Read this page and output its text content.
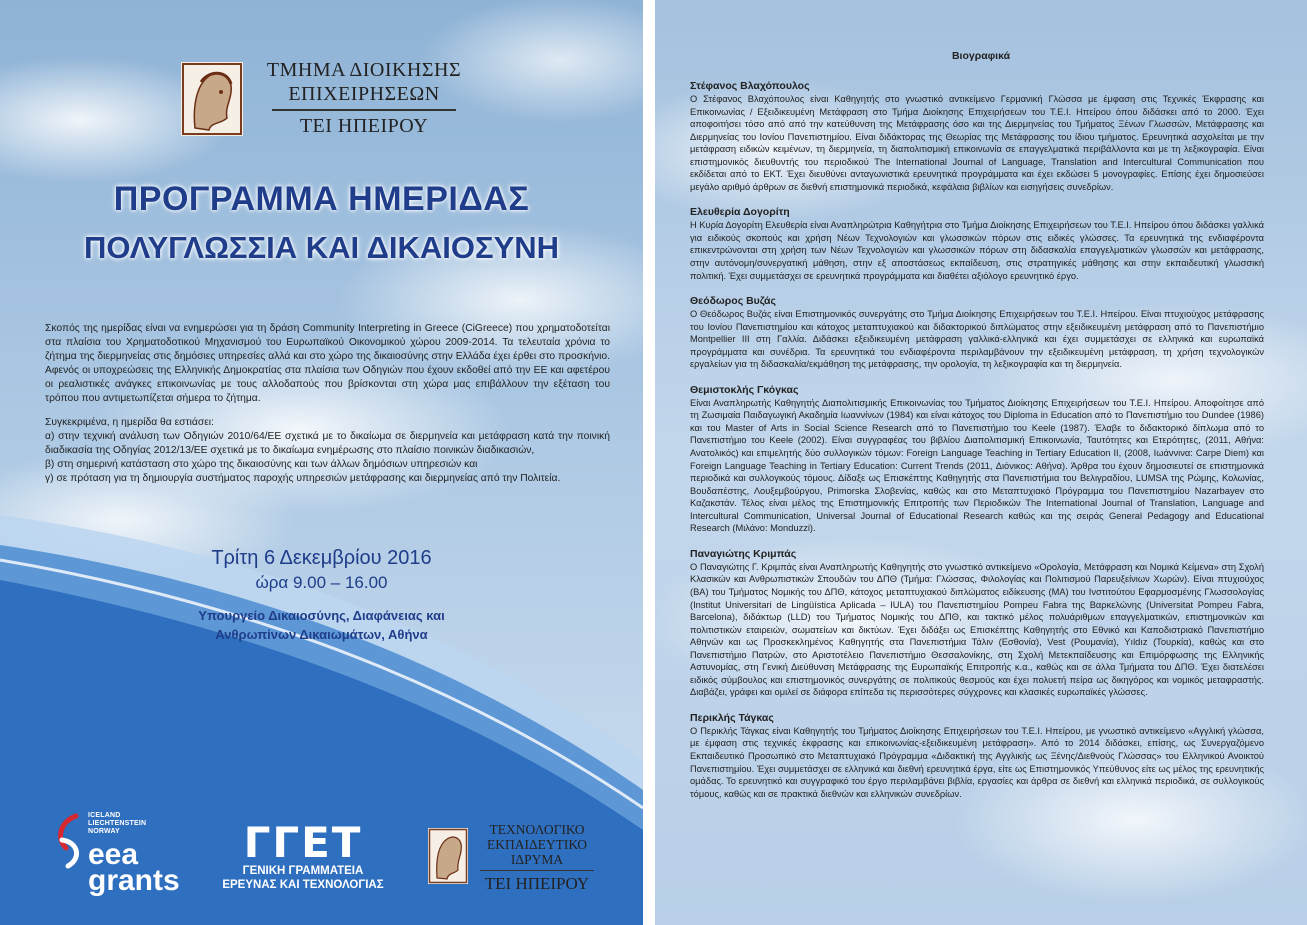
ΤΜΗΜΑ ΔΙΟΙΚΗΣΗΣ
ΕΠΙΧΕΙΡΗΣΕΩΝ
ΤΕΙ ΗΠΕΙΡΟΥ
ΠΡΟΓΡΑΜΜΑ ΗΜΕΡΙΔΑΣ
ΠΟΛΥΓΛΩΣΣΙΑ ΚΑΙ ΔΙΚΑΙΟΣΥΝΗ

Σκοπός της ημερίδας είναι να ενημερώσει για τη δράση Community Interpreting in Greece (CiGreece) που χρηματοδοτείται στα πλαίσια του Χρηματοδοτικού Μηχανισμού του Ευρωπαϊκού Οικονομικού χώρου 2009-2014. Τα τελευταία χρόνια το ζήτημα της διερμηνείας στις δημόσιες υπηρεσίες αλλά και στο χώρο της δικαιοσύνης στην Ελλάδα έχει έρθει στο προσκήνιο. Αφενός οι υποχρεώσεις της Ελληνικής Δημοκρατίας στα πλαίσια των Οδηγιών που έχουν εκδοθεί από την ΕΕ και αφετέρου οι ρεαλιστικές ανάγκες επικοινωνίας με τους αλλοδαπούς που βρίσκονται στη χώρα μας επιβάλλουν την εξέταση του τρόπου που αντιμετωπίζεται σήμερα το ζήτημα.

Συγκεκριμένα, η ημερίδα θα εστιάσει:

α) στην τεχνική ανάλυση των Οδηγιών 2010/64/ΕΕ σχετικά με το δικαίωμα σε διερμηνεία και μετάφραση κατά την ποινική διαδικασία της Οδηγίας 2012/13/ΕΕ σχετικά με το δικαίωμα ενημέρωσης στο πλαίσιο ποινικών διαδικασιών,

β) στη σημερινή κατάσταση στο χώρο της δικαιοσύνης και των άλλων δημόσιων υπηρεσιών και

γ) σε πρόταση για τη δημιουργία συστήματος παροχής υπηρεσιών μετάφρασης και διερμηνείας από την Πολιτεία.

Τρίτη 6 Δεκεμβρίου 2016
ώρα 9.00 – 16.00
Υπουργείο Δικαιοσύνης, Διαφάνειας και
Ανθρωπίνων Δικαιωμάτων, Αθήνα
ICELAND
LIECHTENSTEIN
NORWAY
eea
grants
ΓΓΕΤ
ΓΕΝΙΚΗ ΓΡΑΜΜΑΤΕΙΑ
ΕΡΕΥΝΑΣ ΚΑΙ ΤΕΧΝΟΛΟΓΙΑΣ
ΤΕΧΝΟΛΟΓΙΚΟ
ΕΚΠΑΙΔΕΥΤΙΚΟ
ΙΔΡΥΜΑ
ΤΕΙ ΗΠΕΙΡΟΥ
Βιογραφικά
Στέφανος Βλαχόπουλος
Ο Στέφανος Βλαχόπουλος είναι Καθηγητής στο γνωστικό αντικείμενο Γερμανική Γλώσσα με έμφαση στις Τεχνικές Έκφρασης και Επικοινωνίας / Εξειδικευμένη Μετάφραση στο Τμήμα Διοίκησης Επιχειρήσεων του Τ.Ε.Ι. Ηπείρου όπου διδάσκει από το 2000. Έχει αποφοιτήσει τόσο από από την κατεύθυνση της Μετάφρασης όσο και της Διερμηνείας του Τμήματος Ξένων Γλωσσών, Μετάφρασης και Διερμηνείας του Ιονίου Πανεπιστημίου. Είναι διδάκτορας της Θεωρίας της Μετάφρασης του ίδιου τμήματος. Ερευνητικά ασχολείται με την μετάφραση ειδικών κειμένων, τη διερμηνεία, τη διαπολιτισμική επικοινωνία σε επαγγελματικά περιβάλλοντα και με τη λεξικογραφία. Είναι επιστημονικός διευθυντής του περιοδικού The International Journal of Language, Translation and Intercultural Communication που εκδίδεται από το ΕΚΤ. Έχει διευθύνει ανταγωνιστικά ερευνητικά προγράμματα και έχει εκδώσει 5 μονογραφίες. Επίσης έχει δημοσιεύσει μεγάλο αριθμό άρθρων σε διεθνή επιστημονικά περιοδικά, κεφάλαια βιβλίων και εισηγήσεις συνεδρίων.
Ελευθερία Δογορίτη
Η Κυρία Δογορίτη Ελευθερία είναι Αναπληρώτρια Καθηγήτρια στο Τμήμα Διοίκησης Επιχειρήσεων του Τ.Ε.Ι. Ηπείρου όπου διδάσκει γαλλικά για ειδικούς σκοπούς και χρήση Νέων Τεχνολογιών και γλωσσικών πόρων στις ειδικές γλώσσες. Τα ερευνητικά της ενδιαφέροντα επικεντρώνονται στη χρήση των Νέων Τεχνολογιών και γλωσσικών πόρων στη διδασκαλία επαγγελματικών γλωσσών και μετάφρασης, στην αυτόνομη/συνεργατική μάθηση, στην εξ αποστάσεως εκπαίδευση, στις στρατηγικές μάθησης και στην εκπαιδευτική γλωσσική πολιτική. Έχει συμμετάσχει σε ερευνητικά προγράμματα και διαθέτει αξιόλογο ερευνητικό έργο.
Θεόδωρος Βυζάς
Ο Θεόδωρος Βυζάς είναι Επιστημονικός συνεργάτης στο Τμήμα Διοίκησης Επιχειρήσεων του Τ.Ε.Ι. Ηπείρου. Είναι πτυχιούχος μετάφρασης του Ιονίου Πανεπιστημίου και κάτοχος μεταπτυχιακού και διδακτορικού διπλώματος στην εξειδικευμένη μετάφραση από το Πανεπιστήμιο Montpellier III στη Γαλλία. Διδάσκει εξειδικευμένη μετάφραση γαλλικά-ελληνικά και έχει συμμετάσχει σε ελληνικά και ευρωπαϊκά προγράμματα και συνέδρια. Τα ερευνητικά του ενδιαφέροντα περιλαμβάνουν την εξειδικευμένη μετάφραση, τη χρήση τεχνολογικών εργαλείων για τη διδασκαλία/εκμάθηση της μετάφρασης, την ορολογία, τη λεξικογραφία και τη διερμηνεία.
Θεμιστοκλής Γκόγκας
Είναι Αναπληρωτής Καθηγητής Διαπολιτισμικής Επικοινωνίας του Τμήματος Διοίκησης Επιχειρήσεων του Τ.Ε.Ι. Ηπείρου. Αποφοίτησε από τη Ζωσιμαία Παιδαγωγική Ακαδημία Ιωαννίνων (1984) και είναι κάτοχος του Diploma in Education από το Πανεπιστήμιο του Dundee (1986) και του Master of Arts in Social Science Research από το Πανεπιστήμιο του Keele (1987). Έλαβε το διδακτορικό δίπλωμα από το Πανεπιστήμιο του Keele (2002). Είναι συγγραφέας του βιβλίου Διαπολιτισμική Επικοινωνία, Ταυτότητες και Ετερότητες, (2011, Αθήνα: Ανατολικός) και επιμελητής δύο συλλογικών τόμων: Foreign Language Teaching in Tertiary Education II, (2008, Ιωάννινα: Carpe Diem) και Foreign Language Teaching in Tertiary Education: Current Trends (2011, Διόνικος: Αθήνα). Άρθρα του έχουν δημοσιευτεί σε επιστημονικά περιοδικά και συλλογικούς τόμους. Δίδαξε ως Επισκέπτης Καθηγητής στα Πανεπιστήμια του Βελιγραδίου, LUMSA της Ρώμης, Κολωνίας, Βουδαπέστης, Λουξεμβούργου, Primorska Σλοβενίας, καθώς και στο Μεταπτυχιακό Πρόγραμμα του Πανεπιστημίου Nazarbayev στο Καζακστάν. Τέλος είναι μέλος της Επιστημονικής Επιτροπής των Περιοδικών The International Journal of Translation, Language and Intercultural Communication, Universal Journal of Educational Research καθώς και της σειράς General Pedagogy and Educational Research (Μιλάνο: Monduzzi).
Παναγιώτης Κριμπάς
Ο Παναγιώτης Γ. Κριμπάς είναι Αναπληρωτής Καθηγητής στο γνωστικό αντικείμενο «Ορολογία, Μετάφραση και Νομικά Κείμενα» στη Σχολή Κλασικών και Ανθρωπιστικών Σπουδών του ΔΠΘ (Τμήμα: Γλώσσας, Φιλολογίας και Πολιτισμού Παρευξείνιων Χωρών). Είναι πτυχιούχος (BA) του Τμήματος Νομικής του ΔΠΘ, κάτοχος μεταπτυχιακού διπλώματος ειδίκευσης (MA) του Ινστιτούτου Εφαρμοσμένης Γλωσσολογίας (Institut Universitari de Lingüística Aplicada – IULA) του Πανεπιστημίου Pompeu Fabra της Βαρκελώνης (Universitat Pompeu Fabra, Barcelona), διδάκτωρ (LLD) του Τμήματος Νομικής του ΔΠΘ, και τακτικό μέλος πολυάριθμων επαγγελματικών, επιστημονικών και πολιτιστικών εταιρειών, σωματείων και δικτύων. Έχει διδάξει ως Επισκέπτης Καθηγητής στο Εθνικό και Καποδιστριακό Πανεπιστήμιο Αθηνών και ως Προσκεκλημένος Καθηγητής στα Πανεπιστήμια Τάλιν (Εσθονία), Vest (Ρουμανία), Yıldız (Τουρκία), καθώς και στο Πανεπιστήμιο Πατρών, στο Αριστοτέλειο Πανεπιστήμιο Θεσσαλονίκης, στη Σχολή Μετεκπαίδευσης και Επιμόρφωσης της Ελληνικής Αστυνομίας, στη Γενική Διεύθυνση Μετάφρασης της Ευρωπαϊκής Επιτροπής κ.α., καθώς και σε άλλα Τμήματα του ΔΠΘ. Έχει διατελέσει ειδικός σύμβουλος και επιστημονικός συνεργάτης σε πολιτικούς θεσμούς και έχει πολυετή πείρα ως δικηγόρος και νομικός μεταφραστής. Διαβάζει, γράφει και ομιλεί σε διάφορα επίπεδα τις περισσότερες σύγχρονες και κλασικές ευρωπαϊκές γλώσσες.
Περικλής Τάγκας
Ο Περικλής Τάγκας είναι Καθηγητής του Τμήματος Διοίκησης Επιχειρήσεων του Τ.Ε.Ι. Ηπείρου, με γνωστικό αντικείμενο «Αγγλική γλώσσα, με έμφαση στις τεχνικές έκφρασης και επικοινωνίας-εξειδικευμένη μετάφραση». Από το 2014 διδάσκει, επίσης, ως Συνεργαζόμενο Εκπαιδευτικό Προσωπικό στο Μεταπτυχιακό Πρόγραμμα «Διδακτική της Αγγλικής ως Ξένης/Διεθνούς Γλώσσας» του Ελληνικού Ανοικτού Πανεπιστημίου. Έχει συμμετάσχει σε ελληνικά και διεθνή ερευνητικά έργα, είτε ως Επιστημονικός Υπεύθυνος είτε ως μέλος της ερευνητικής ομάδας. Το ερευνητικό και συγγραφικό του έργο περιλαμβάνει βιβλία, εργασίες και άρθρα σε διεθνή και ελληνικά περιοδικά, σε συλλογικούς τόμους, καθώς και σε πρακτικά διεθνών και ελληνικών συνεδρίων.
